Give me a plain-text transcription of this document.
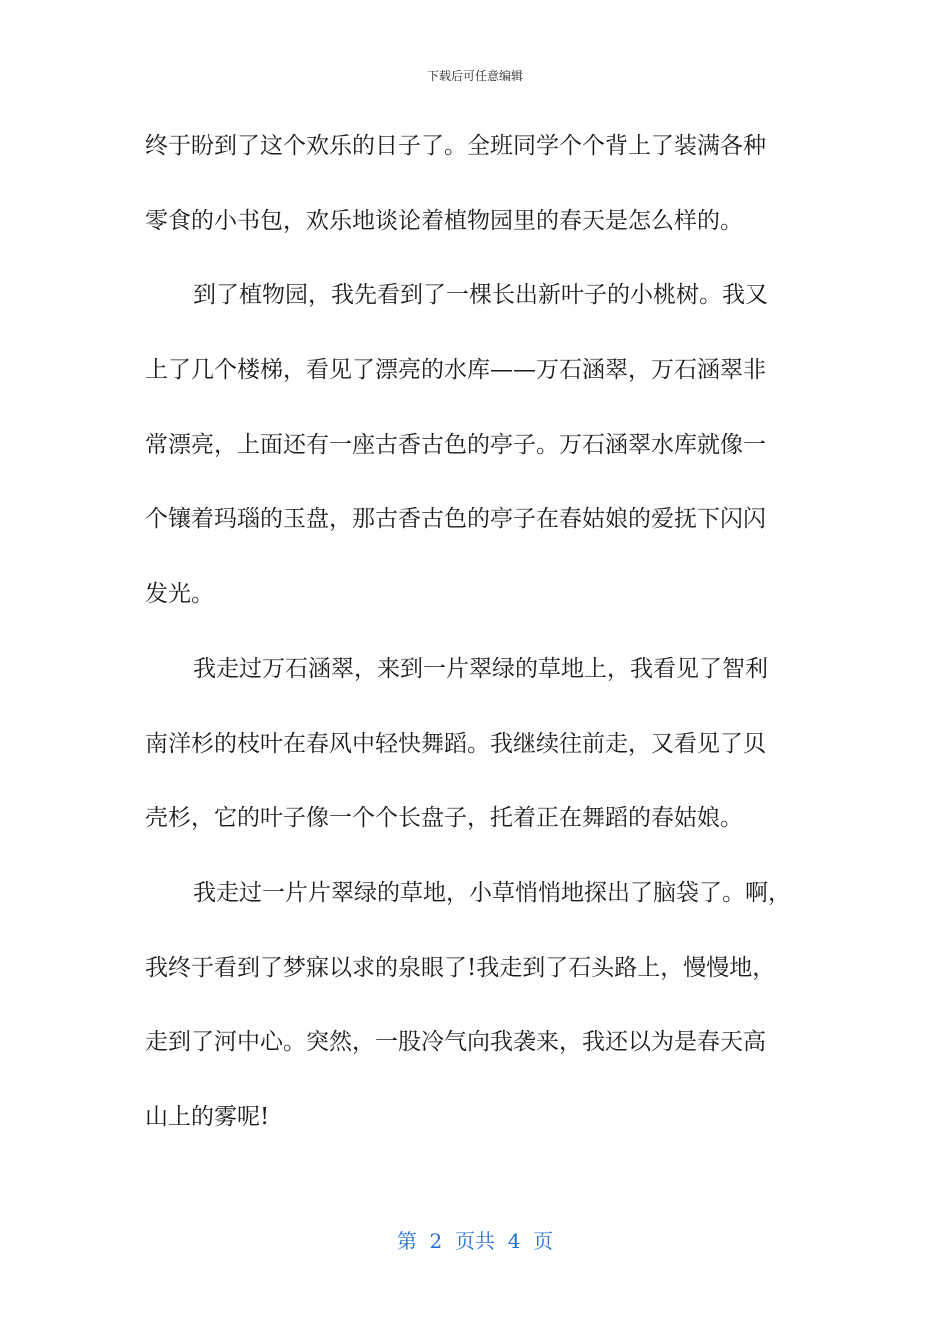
下载后可任意编辑
终于盼到了这个欢乐的日子了。全班同学个个背上了装满各种
零食的小书包，欢乐地谈论着植物园里的春天是怎么样的。
到了植物园，我先看到了一棵长出新叶子的小桃树。我又
上了几个楼梯，看见了漂亮的水库——万石涵翠，万石涵翠非
常漂亮，上面还有一座古香古色的亭子。万石涵翠水库就像一
个镶着玛瑙的玉盘，那古香古色的亭子在春姑娘的爱抚下闪闪
发光。
我走过万石涵翠，来到一片翠绿的草地上，我看见了智利
南洋杉的枝叶在春风中轻快舞蹈。我继续往前走，又看见了贝
壳杉，它的叶子像一个个长盘子，托着正在舞蹈的春姑娘。
我走过一片片翠绿的草地，小草悄悄地探出了脑袋了。啊，
我终于看到了梦寐以求的泉眼了!我走到了石头路上，慢慢地，
走到了河中心。突然，一股冷气向我袭来，我还以为是春天高
山上的雾呢!
第  2  页共  4  页
